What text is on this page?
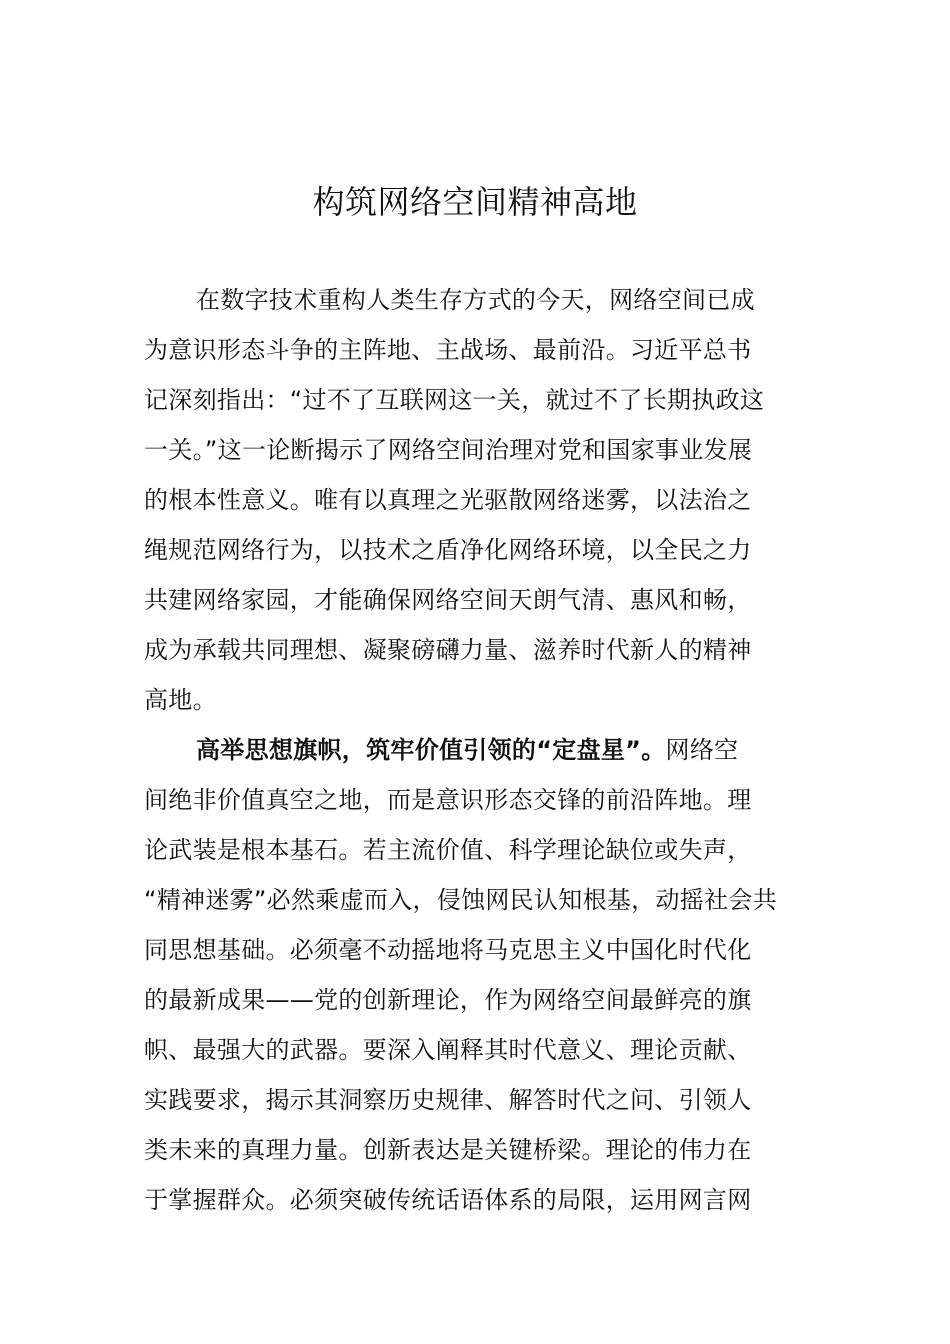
构筑网络空间精神高地
在数字技术重构人类生存方式的今天，网络空间已成
为意识形态斗争的主阵地、主战场、最前沿。习近平总书
记深刻指出：“过不了互联网这一关，就过不了长期执政这
一关。”这一论断揭示了网络空间治理对党和国家事业发展
的根本性意义。唯有以真理之光驱散网络迷雾，以法治之
绳规范网络行为，以技术之盾净化网络环境，以全民之力
共建网络家园，才能确保网络空间天朗气清、惠风和畅，
成为承载共同理想、凝聚磅礴力量、滋养时代新人的精神
高地。
高举思想旗帜，筑牢价值引领的“定盘星”。网络空
间绝非价值真空之地，而是意识形态交锋的前沿阵地。理
论武装是根本基石。若主流价值、科学理论缺位或失声，
“精神迷雾”必然乘虚而入，侵蚀网民认知根基，动摇社会共
同思想基础。必须毫不动摇地将马克思主义中国化时代化
的最新成果——党的创新理论，作为网络空间最鲜亮的旗
帜、最强大的武器。要深入阐释其时代意义、理论贡献、
实践要求，揭示其洞察历史规律、解答时代之问、引领人
类未来的真理力量。创新表达是关键桥梁。理论的伟力在
于掌握群众。必须突破传统话语体系的局限，运用网言网
